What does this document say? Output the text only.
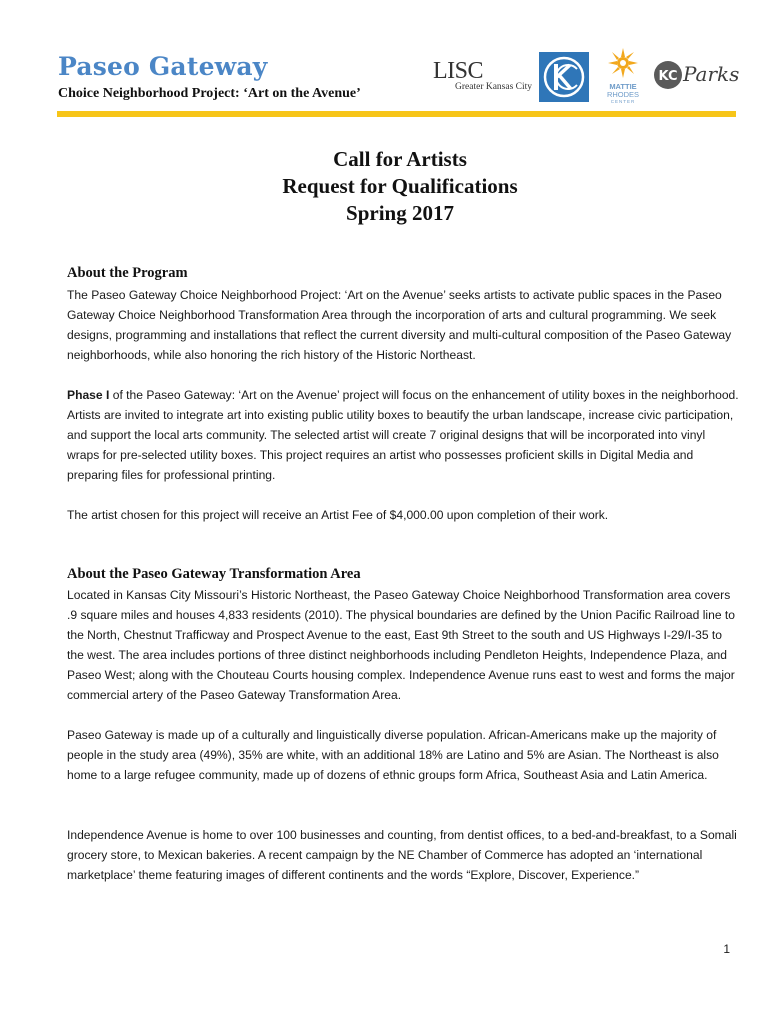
Paseo Gateway
Choice Neighborhood Project: ‘Art on the Avenue’
LISC
Greater Kansas City	MATTIE
RHODES
CENTER
KC Parks
Call for Artists
Request for Qualifications
Spring 2017
About the Program

The Paseo Gateway Choice Neighborhood Project: ‘Art on the Avenue’ seeks artists to activate public spaces in the Paseo Gateway Choice Neighborhood Transformation Area through the incorporation of arts and cultural programming. We seek designs, programming and installations that reflect the current diversity and multi-cultural composition of the Paseo Gateway neighborhoods, while also honoring the rich history of the Historic Northeast.

Phase I of the Paseo Gateway: ‘Art on the Avenue’ project will focus on the enhancement of utility boxes in the neighborhood. Artists are invited to integrate art into existing public utility boxes to beautify the urban landscape, increase civic participation, and support the local arts community. The selected artist will create 7 original designs that will be incorporated into vinyl wraps for pre-selected utility boxes. This project requires an artist who possesses proficient skills in Digital Media and preparing files for professional printing.

The artist chosen for this project will receive an Artist Fee of $4,000.00 upon completion of their work.

About the Paseo Gateway Transformation Area

Located in Kansas City Missouri’s Historic Northeast, the Paseo Gateway Choice Neighborhood Transformation area covers .9 square miles and houses 4,833 residents (2010). The physical boundaries are defined by the Union Pacific Railroad line to the North, Chestnut Trafficway and Prospect Avenue to the east, East 9th Street to the south and US Highways I-29/I-35 to the west. The area includes portions of three distinct neighborhoods including Pendleton Heights, Independence Plaza, and Paseo West; along with the Chouteau Courts housing complex. Independence Avenue runs east to west and forms the major commercial artery of the Paseo Gateway Transformation Area.

Paseo Gateway is made up of a culturally and linguistically diverse population. African-Americans make up the majority of people in the study area (49%), 35% are white, with an additional 18% are Latino and 5% are Asian. The Northeast is also home to a large refugee community, made up of dozens of ethnic groups form Africa, Southeast Asia and Latin America.

Independence Avenue is home to over 100 businesses and counting, from dentist offices, to a bed-and-breakfast, to a Somali grocery store, to Mexican bakeries. A recent campaign by the NE Chamber of Commerce has adopted an ‘international marketplace’ theme featuring images of different continents and the words “Explore, Discover, Experience.”

1
